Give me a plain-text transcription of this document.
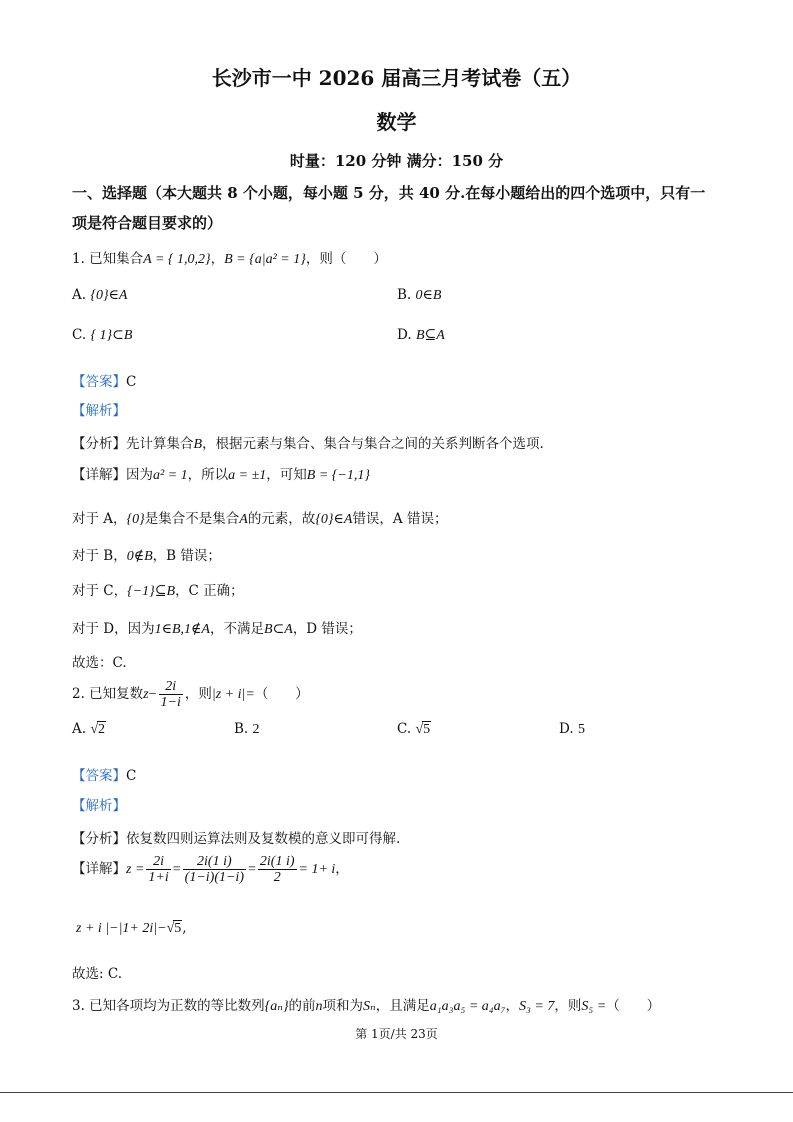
长沙市一中 2026 届高三月考试卷（五）
数学
时量：120 分钟 满分：150 分
一、选择题（本大题共 8 个小题，每小题 5 分，共 40 分.在每小题给出的四个选项中，只有一
项是符合题目要求的）
1. 已知集合A = { 1,0,2}，B = {a|a² = 1}，则（　　）
A. {0}∈A	B. 0∈B
C. { 1}⊂B	D. B⊆A
【答案】C
【解析】
【分析】先计算集合B，根据元素与集合、集合与集合之间的关系判断各个选项.
【详解】因为a² = 1，所以a = ±1，可知B = {−1,1}
对于 A，{0}是集合不是集合A的元素，故{0}∈A错误，A 错误；
对于 B，0∉B，B 错误；
对于 C，{−1}⊆B，C 正确；
对于 D，因为1∈B,1∉A，不满足B⊂A，D 错误；
故选：C.
2. 已知复数$z- \frac{2i}{1-i}$ ，则|z + i|=（　　）
A. √2	B. 2	C. √5	D. 5
【答案】C
【解析】
【分析】依复数四则运算法则及复数模的意义即可得解.
【详解】$z = \frac{2i}{1+i} = \frac{2i(1 i)}{(1-i)(1-i)} = \frac{2i(1 i)}{2} = 1+ i$，
z + i |−|1+ 2i|−√5,
故选: C.
3. 已知各项均为正数的等比数列{aₙ}的前n项和为Sₙ，且满足a₁a₃a₅ = a₄a₇，S₃ = 7，则S₅ =（　　）
第 1页/共 23页
